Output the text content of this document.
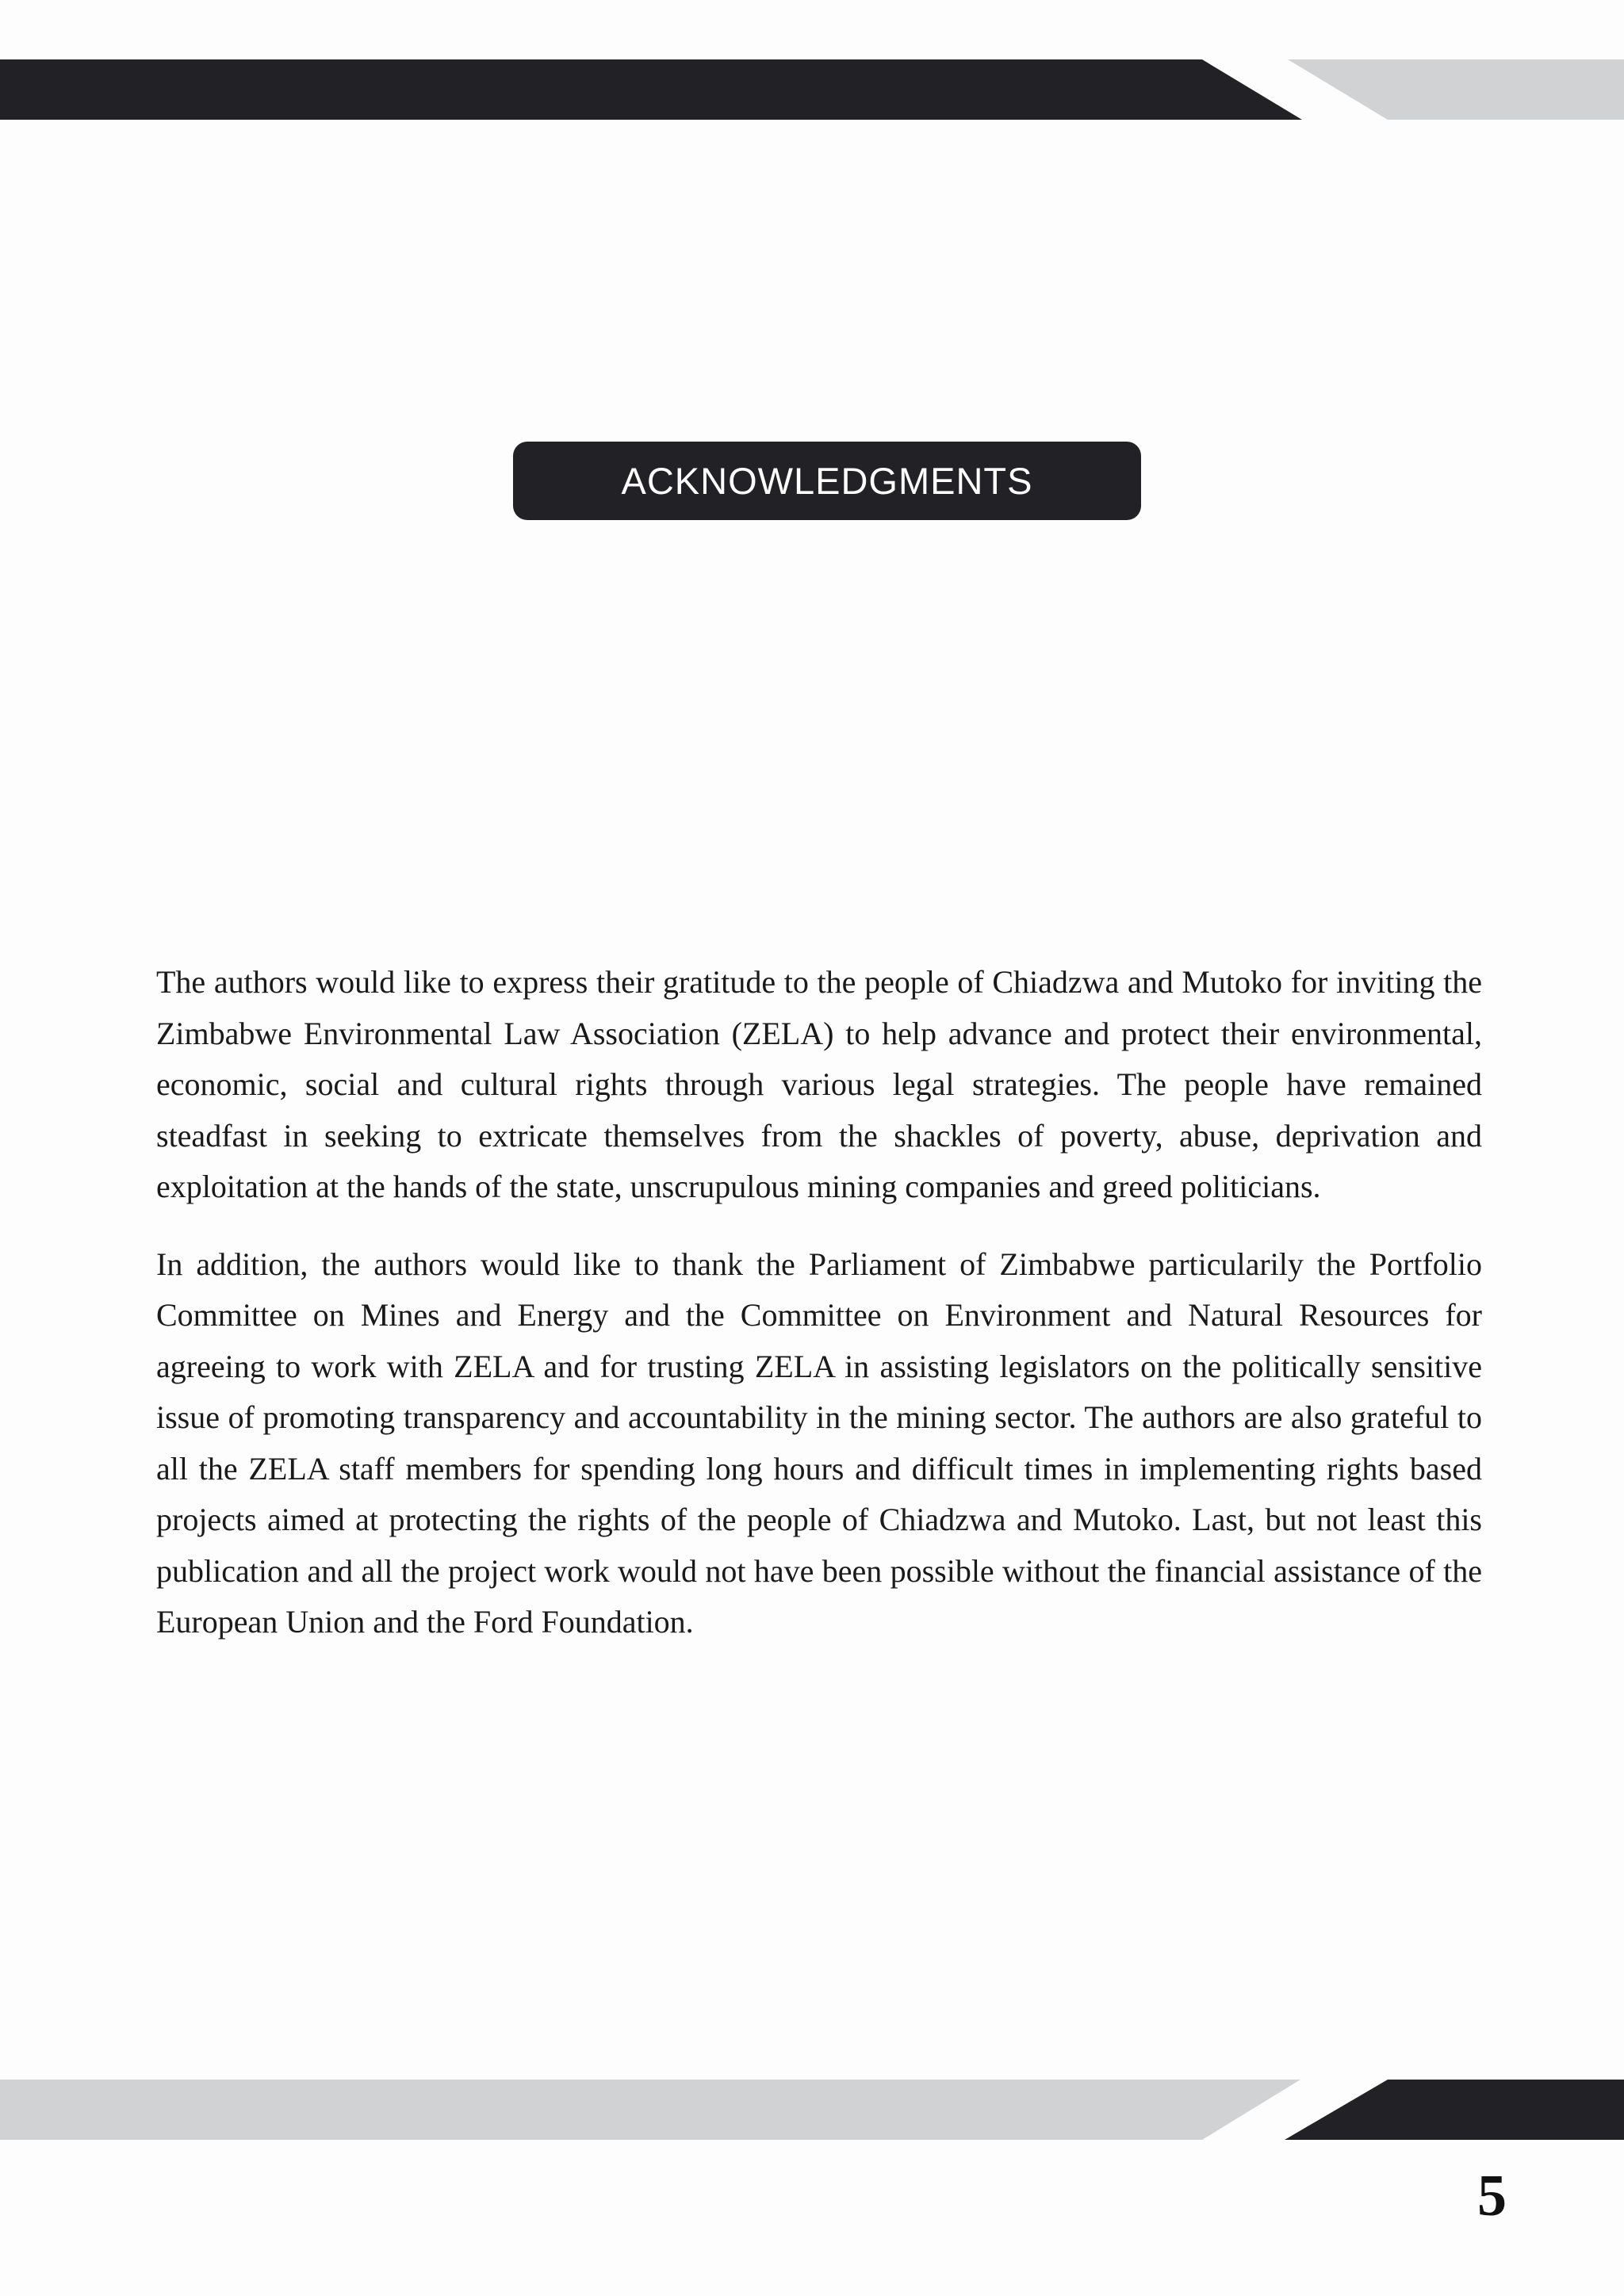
ACKNOWLEDGMENTS

The authors would like to express their gratitude to the people of Chiadzwa and Mutoko for inviting the Zimbabwe Environmental Law Association (ZELA) to help advance and protect their environmental, economic, social and cultural rights through various legal strategies. The people have remained steadfast in seeking to extricate themselves from the shackles of poverty, abuse, deprivation and exploitation at the hands of the state, unscrupulous mining companies and greed politicians.

In addition, the authors would like to thank the Parliament of Zimbabwe particularily the Portfolio Committee on Mines and Energy and the Committee on Environment and Natural Resources for agreeing to work with ZELA and for trusting ZELA in assisting legislators on the politically sensitive issue of promoting transparency and accountability in the mining sector. The authors are also grateful to all the ZELA staff members for spending long hours and difficult times in implementing rights based projects aimed at protecting the rights of the people of Chiadzwa and Mutoko. Last, but not least this publication and all the project work would not have been possible without the financial assistance of the European Union and the Ford Foundation.

5
